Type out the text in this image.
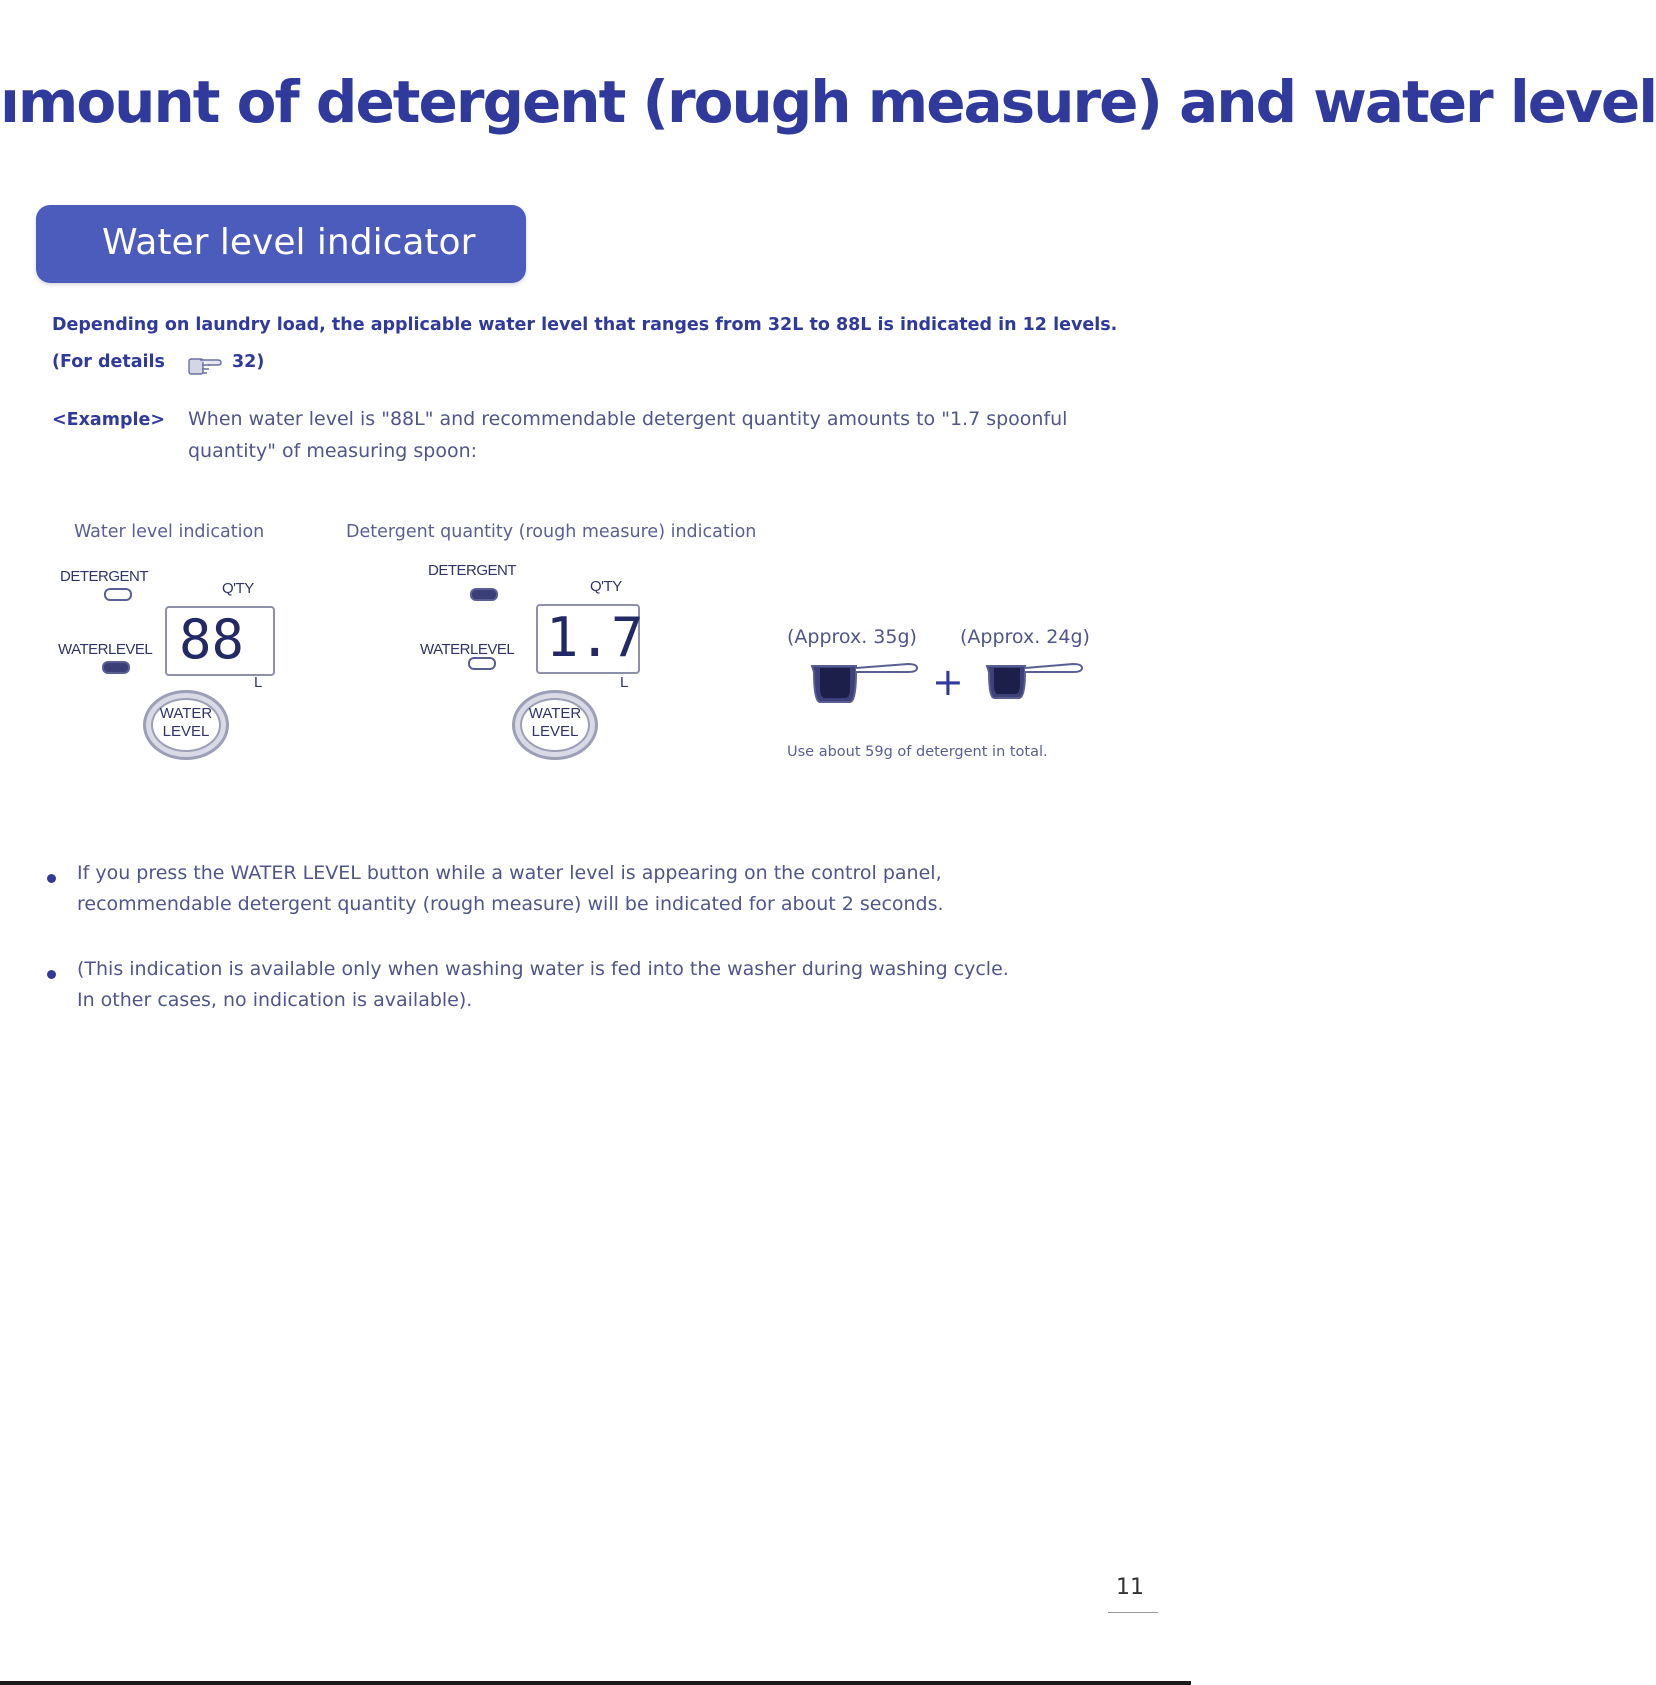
ımount of detergent (rough measure) and water level
Water level indicator
Depending on laundry load, the applicable water level that ranges from 32L to 88L is indicated in 12 levels.
(For details	32)
<Example> When water level is "88L" and recommendable detergent quantity amounts to "1.7 spoonful
quantity" of measuring spoon:
Water level indication	Detergent quantity (rough measure) indication
DETERGENT
Q'TY
WATERLEVEL 88
L
WATER
LEVEL
DETERGENT
Q'TY
WATERLEVEL 1.7
L
WATER
LEVEL
(Approx. 35g) (Approx. 24g)
+
Use about 59g of detergent in total.
If you press the WATER LEVEL button while a water level is appearing on the control panel,
recommendable detergent quantity (rough measure) will be indicated for about 2 seconds.
(This indication is available only when washing water is fed into the washer during washing cycle.
In other cases, no indication is available).
11
